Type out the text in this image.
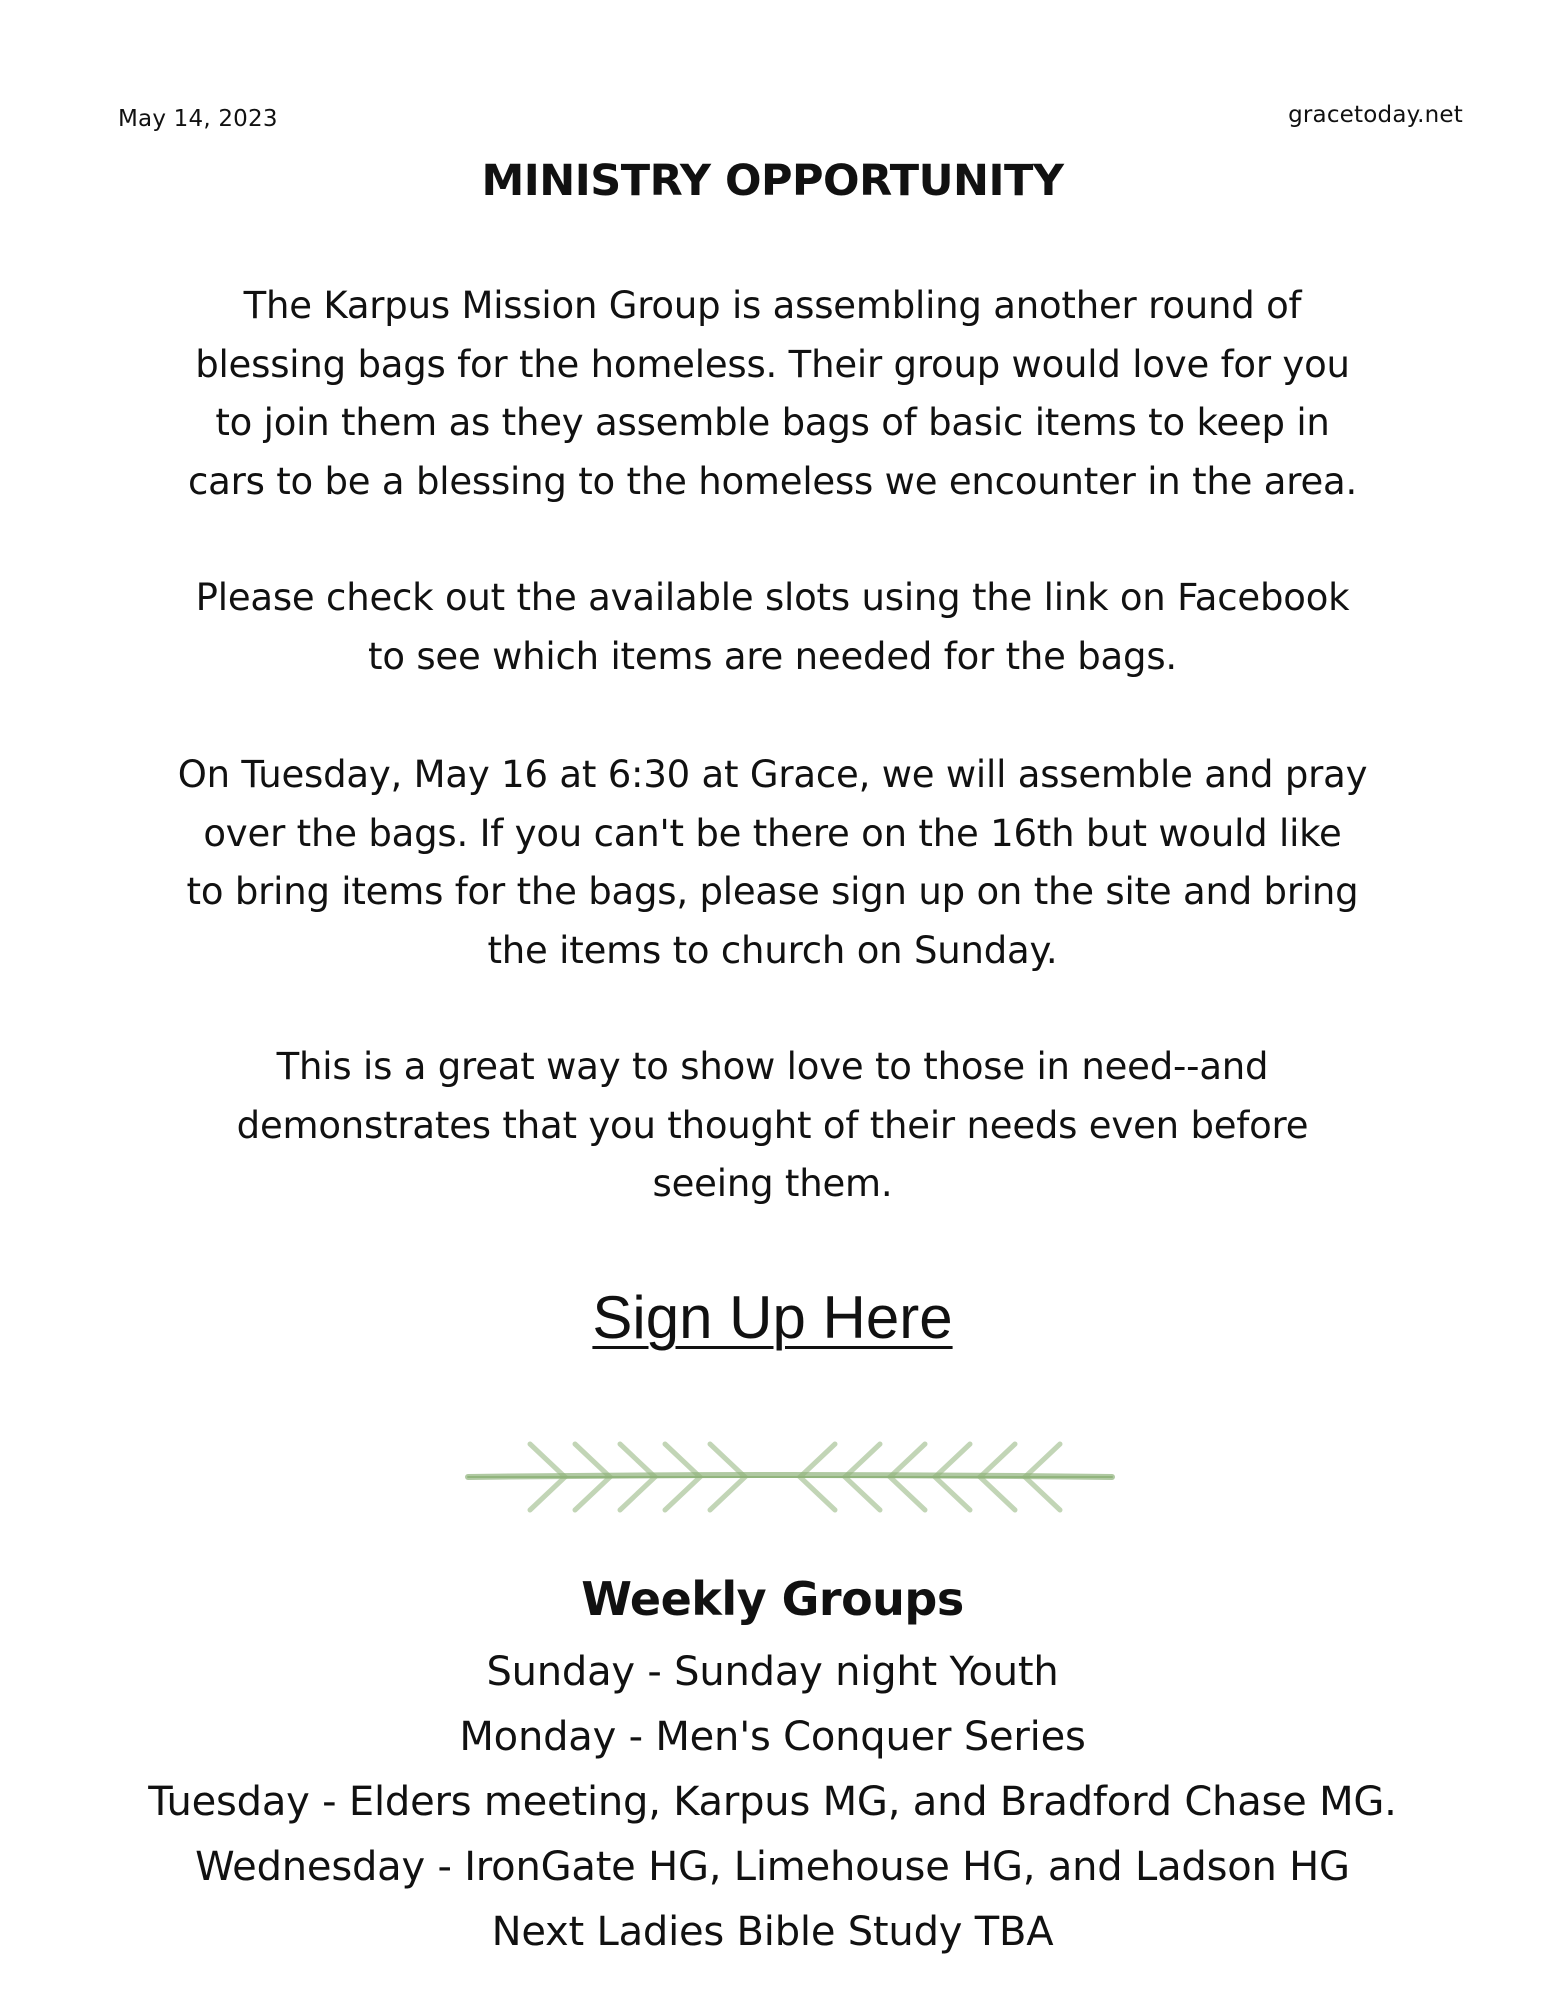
May 14, 2023	gracetoday.net
MINISTRY OPPORTUNITY
The Karpus Mission Group is assembling another round of
blessing bags for the homeless. Their group would love for you
to join them as they assemble bags of basic items to keep in
cars to be a blessing to the homeless we encounter in the area.
Please check out the available slots using the link on Facebook
to see which items are needed for the bags.
On Tuesday, May 16 at 6:30 at Grace, we will assemble and pray
over the bags. If you can't be there on the 16th but would like
to bring items for the bags, please sign up on the site and bring
the items to church on Sunday.
This is a great way to show love to those in need--and
demonstrates that you thought of their needs even before
seeing them.
Sign Up Here
Weekly Groups
Sunday - Sunday night Youth
Monday - Men's Conquer Series
Tuesday - Elders meeting, Karpus MG, and Bradford Chase MG.
Wednesday - IronGate HG, Limehouse HG, and Ladson HG
Next Ladies Bible Study TBA
